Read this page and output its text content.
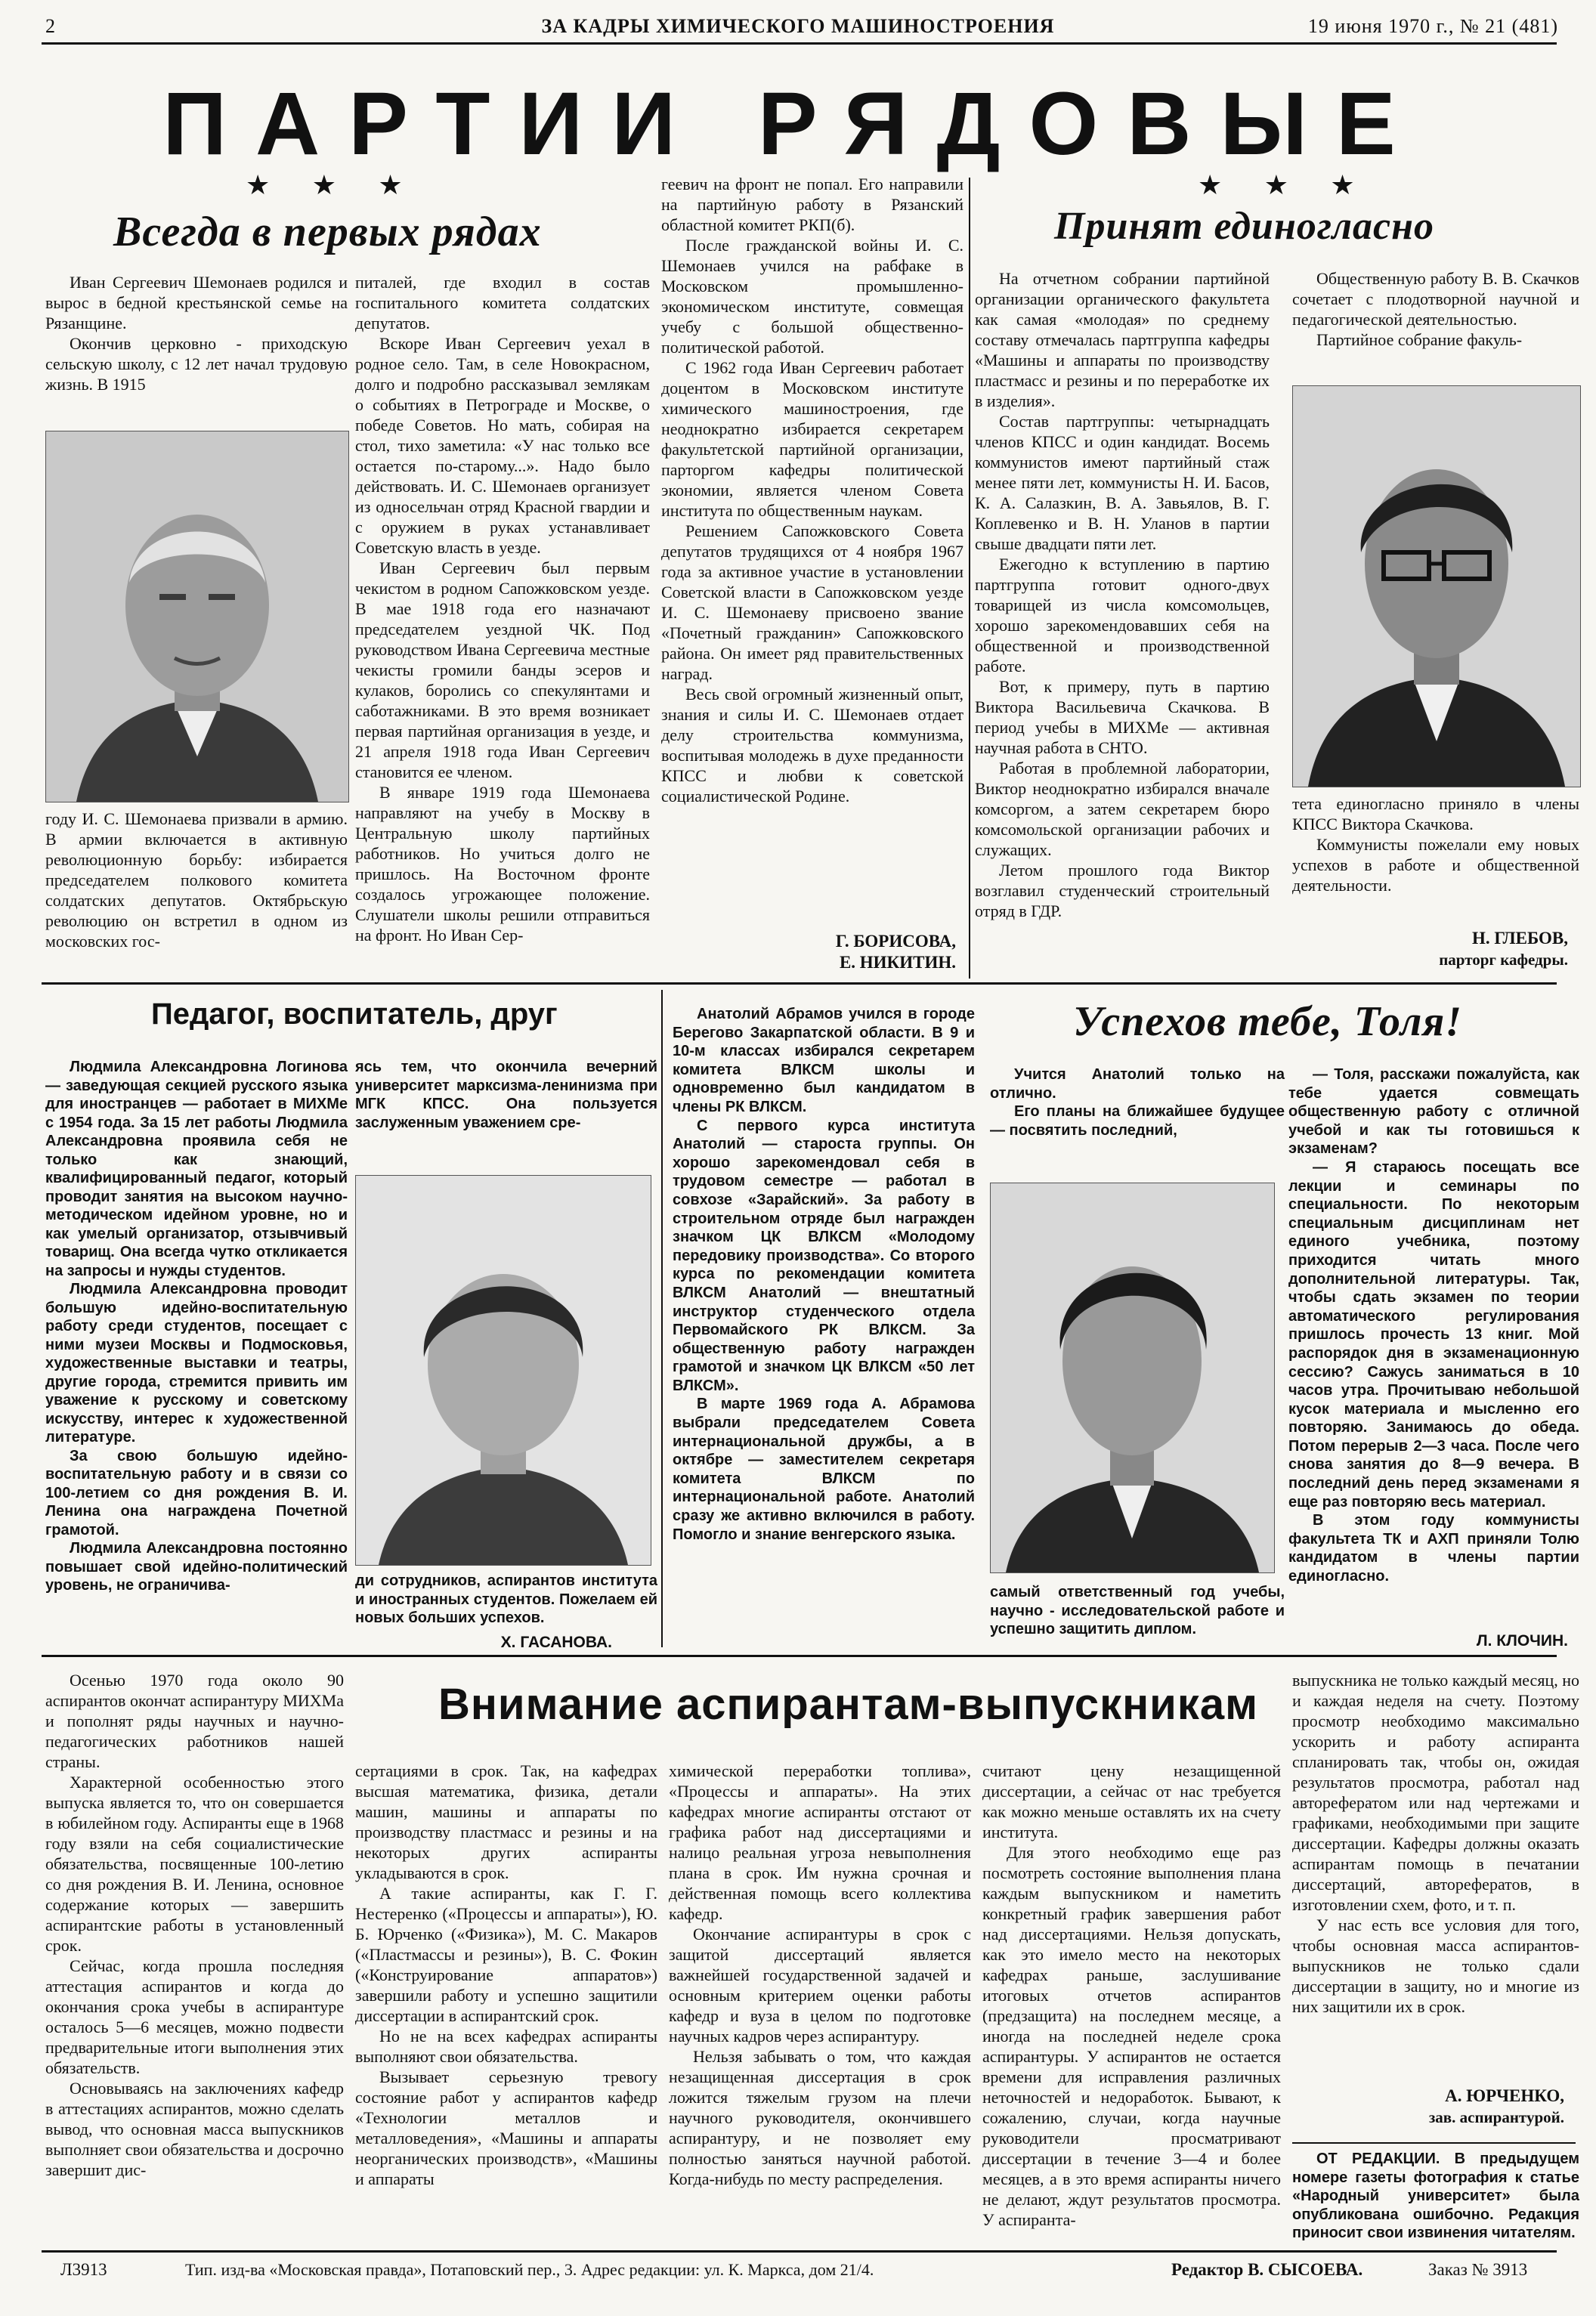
2	ЗА КАДРЫ ХИМИЧЕСКОГО МАШИНОСТРОЕНИЯ	19 июня 1970 г., № 21 (481)
ПАРТИИ РЯДОВЫЕ
★ ★ ★	★ ★ ★
Всегда в первых рядах

Иван Сергеевич Шемонаев родился и вырос в бедной крестьянской семье на Рязанщине.

Окончив церковно - приходскую сельскую школу, с 12 лет начал трудовую жизнь. В 1915

году И. С. Шемонаева призвали в армию. В армии включается в активную революционную борьбу: избирается председателем полкового комитета солдатских депутатов. Октябрьскую революцию он встретил в одном из московских гос-

питалей, где входил в состав госпитального комитета солдатских депутатов.

Вскоре Иван Сергеевич уехал в родное село. Там, в селе Новокрасном, долго и подробно рассказывал землякам о событиях в Петрограде и Москве, о победе Советов. Но мать, собирая на стол, тихо заметила: «У нас только все остается по-старому...». Надо было действовать. И. С. Шемонаев организует из односельчан отряд Красной гвардии и с оружием в руках устанавливает Советскую власть в уезде.

Иван Сергеевич был первым чекистом в родном Сапожковском уезде. В мае 1918 года его назначают председателем уездной ЧК. Под руководством Ивана Сергеевича местные чекисты громили банды эсеров и кулаков, боролись со спекулянтами и саботажниками. В это время возникает первая партийная организация в уезде, и 21 апреля 1918 года Иван Сергеевич становится ее членом.

В январе 1919 года Шемонаева направляют на учебу в Москву в Центральную школу партийных работников. Но учиться долго не пришлось. На Восточном фронте создалось угрожающее положение. Слушатели школы решили отправиться на фронт. Но Иван Сер-

геевич на фронт не попал. Его направили на партийную работу в Рязанский областной комитет РКП(б).

После гражданской войны И. С. Шемонаев учился на рабфаке в Московском промышленно-экономическом институте, совмещая учебу с большой общественно-политической работой.

С 1962 года Иван Сергеевич работает доцентом в Московском институте химического машиностроения, где неоднократно избирается секретарем факультетской партийной организации, парторгом кафедры политической экономии, является членом Совета института по общественным наукам.

Решением Сапожковского Совета депутатов трудящихся от 4 ноября 1967 года за активное участие в установлении Советской власти в Сапожковском уезде И. С. Шемонаеву присвоено звание «Почетный гражданин» Сапожковского района. Он имеет ряд правительственных наград.

Весь свой огромный жизненный опыт, знания и силы И. С. Шемонаев отдает делу строительства коммунизма, воспитывая молодежь в духе преданности КПСС и любви к советской социалистической Родине.

Г. БОРИСОВА,
Е. НИКИТИН.
Принят единогласно

На отчетном собрании партийной организации органического факультета как самая «молодая» по среднему составу отмечалась партгруппа кафедры «Машины и аппараты по производству пластмасс и резины и по переработке их в изделия».

Состав партгруппы: четырнадцать членов КПСС и один кандидат. Восемь коммунистов имеют партийный стаж менее пяти лет, коммунисты Н. И. Басов, К. А. Салазкин, В. А. Завьялов, В. Г. Коплевенко и В. Н. Уланов в партии свыше двадцати пяти лет.

Ежегодно к вступлению в партию партгруппа готовит одного-двух товарищей из числа комсомольцев, хорошо зарекомендовавших себя на общественной и производственной работе.

Вот, к примеру, путь в партию Виктора Васильевича Скачкова. В период учебы в МИХМе — активная научная работа в СНТО.

Работая в проблемной лаборатории, Виктор неоднократно избирался вначале комсоргом, а затем секретарем бюро комсомольской организации рабочих и служащих.

Летом прошлого года Виктор возглавил студенческий строительный отряд в ГДР.

Общественную работу В. В. Скачков сочетает с плодотворной научной и педагогической деятельностью.

Партийное собрание факуль-

тета единогласно приняло в члены КПСС Виктора Скачкова.

Коммунисты пожелали ему новых успехов в работе и общественной деятельности.

Н. ГЛЕБОВ,
парторг кафедры.
Педагог, воспитатель, друг

Людмила Александровна Логинова — заведующая секцией русского языка для иностранцев — работает в МИХМе с 1954 года. За 15 лет работы Людмила Александровна проявила себя не только как знающий, квалифицированный педагог, который проводит занятия на высоком научно-методическом идейном уровне, но и как умелый организатор, отзывчивый товарищ. Она всегда чутко откликается на запросы и нужды студентов.

Людмила Александровна проводит большую идейно-воспитательную работу среди студентов, посещает с ними музеи Москвы и Подмосковья, художественные выставки и театры, другие города, стремится привить им уважение к русскому и советскому искусству, интерес к художественной литературе.

За свою большую идейно-воспитательную работу и в связи со 100-летием со дня рождения В. И. Ленина она награждена Почетной грамотой.

Людмила Александровна постоянно повышает свой идейно-политический уровень, не ограничива-

ясь тем, что окончила вечерний университет марксизма-ленинизма при МГК КПСС. Она пользуется заслуженным уважением сре-

ди сотрудников, аспирантов института и иностранных студентов. Пожелаем ей новых больших успехов.

Х. ГАСАНОВА.

Анатолий Абрамов учился в городе Берегово Закарпатской области. В 9 и 10-м классах избирался секретарем комитета ВЛКСМ школы и одновременно был кандидатом в члены РК ВЛКСМ.

С первого курса института Анатолий — староста группы. Он хорошо зарекомендовал себя в трудовом семестре — работал в совхозе «Зарайский». За работу в строительном отряде был награжден значком ЦК ВЛКСМ «Молодому передовику производства». Со второго курса по рекомендации комитета ВЛКСМ Анатолий — внештатный инструктор студенческого отдела Первомайского РК ВЛКСМ. За общественную работу награжден грамотой и значком ЦК ВЛКСМ «50 лет ВЛКСМ».

В марте 1969 года А. Абрамова выбрали председателем Совета интернациональной дружбы, а в октябре — заместителем секретаря комитета ВЛКСМ по интернациональной работе. Анатолий сразу же активно включился в работу. Помогло и знание венгерского языка.

Успехов тебе, Толя!

Учится Анатолий только на отлично.

Его планы на ближайшее будущее — посвятить последний,

самый ответственный год учебы, научно - исследовательской работе и успешно защитить диплом.

— Толя, расскажи пожалуйста, как тебе удается совмещать общественную работу с отличной учебой и как ты готовишься к экзаменам?

— Я стараюсь посещать все лекции и семинары по специальности. По некоторым специальным дисциплинам нет единого учебника, поэтому приходится читать много дополнительной литературы. Так, чтобы сдать экзамен по теории автоматического регулирования пришлось прочесть 13 книг. Мой распорядок дня в экзаменационную сессию? Сажусь заниматься в 10 часов утра. Прочитываю небольшой кусок материала и мысленно его повторяю. Занимаюсь до обеда. Потом перерыв 2—3 часа. После чего снова занятия до 8—9 вечера. В последний день перед экзаменами я еще раз повторяю весь материал.

В этом году коммунисты факультета ТК и АХП приняли Толю кандидатом в члены партии единогласно.

Л. КЛОЧИН.
Внимание аспирантам-выпускникам

Осенью 1970 года около 90 аспирантов окончат аспирантуру МИХМа и пополнят ряды научных и научно-педагогических работников нашей страны.

Характерной особенностью этого выпуска является то, что он совершается в юбилейном году. Аспиранты еще в 1968 году взяли на себя социалистические обязательства, посвященные 100-летию со дня рождения В. И. Ленина, основное содержание которых — завершить аспирантские работы в установленный срок.

Сейчас, когда прошла последняя аттестация аспирантов и когда до окончания срока учебы в аспирантуре осталось 5—6 месяцев, можно подвести предварительные итоги выполнения этих обязательств.

Основываясь на заключениях кафедр в аттестациях аспирантов, можно сделать вывод, что основная масса выпускников выполняет свои обязательства и досрочно завершит дис-

сертациями в срок. Так, на кафедрах высшая математика, физика, детали машин, машины и аппараты по производству пластмасс и резины и на некоторых других аспиранты укладываются в срок.

А такие аспиранты, как Г. Г. Нестеренко («Процессы и аппараты»), Ю. Б. Юрченко («Физика»), М. С. Макаров («Пластмассы и резины»), В. С. Фокин («Конструирование аппаратов») завершили работу и успешно защитили диссертации в аспирантский срок.

Но не на всех кафедрах аспиранты выполняют свои обязательства.

Вызывает серьезную тревогу состояние работ у аспирантов кафедр «Технологии металлов и металловедения», «Машины и аппараты неорганических производств», «Машины и аппараты

химической переработки топлива», «Процессы и аппараты». На этих кафедрах многие аспиранты отстают от графика работ над диссертациями и налицо реальная угроза невыполнения плана в срок. Им нужна срочная и действенная помощь всего коллектива кафедр.

Окончание аспирантуры в срок с защитой диссертаций является важнейшей государственной задачей и основным критерием оценки работы кафедр и вуза в целом по подготовке научных кадров через аспирантуру.

Нельзя забывать о том, что каждая незащищенная диссертация в срок ложится тяжелым грузом на плечи научного руководителя, окончившего аспирантуру, и не позволяет ему полностью заняться научной работой. Когда-нибудь по месту распределения.

считают цену незащищенной диссертации, а сейчас от нас требуется как можно меньше оставлять их на счету института.

Для этого необходимо еще раз посмотреть состояние выполнения плана каждым выпускником и наметить конкретный график завершения работ над диссертациями. Нельзя допускать, как это имело место на некоторых кафедрах раньше, заслушивание итоговых отчетов аспирантов (предзащита) на последнем месяце, а иногда на последней неделе срока аспирантуры. У аспирантов не остается времени для исправления различных неточностей и недоработок. Бывают, к сожалению, случаи, когда научные руководители просматривают диссертации в течение 3—4 и более месяцев, а в это время аспиранты ничего не делают, ждут результатов просмотра. У аспиранта-

выпускника не только каждый месяц, но и каждая неделя на счету. Поэтому просмотр необходимо максимально ускорить и работу аспиранта спланировать так, чтобы он, ожидая результатов просмотра, работал над авторефератом или над чертежами и графиками, необходимыми при защите диссертации. Кафедры должны оказать аспирантам помощь в печатании диссертаций, авторефератов, в изготовлении схем, фото, и т. п.

У нас есть все условия для того, чтобы основная масса аспирантов-выпускников не только сдали диссертации в защиту, но и многие из них защитили их в срок.

А. ЮРЧЕНКО,
зав. аспирантурой.
ОТ РЕДАКЦИИ. В предыдущем номере газеты фотография к статье «Народный университет» была опубликована ошибочно. Редакция приносит свои извинения читателям.
Л3913	Тип. изд-ва «Московская правда», Потаповский пер., 3. Адрес редакции: ул. К. Маркса, дом 21/4.	Редактор В. СЫСОЕВА.	Заказ № 3913
